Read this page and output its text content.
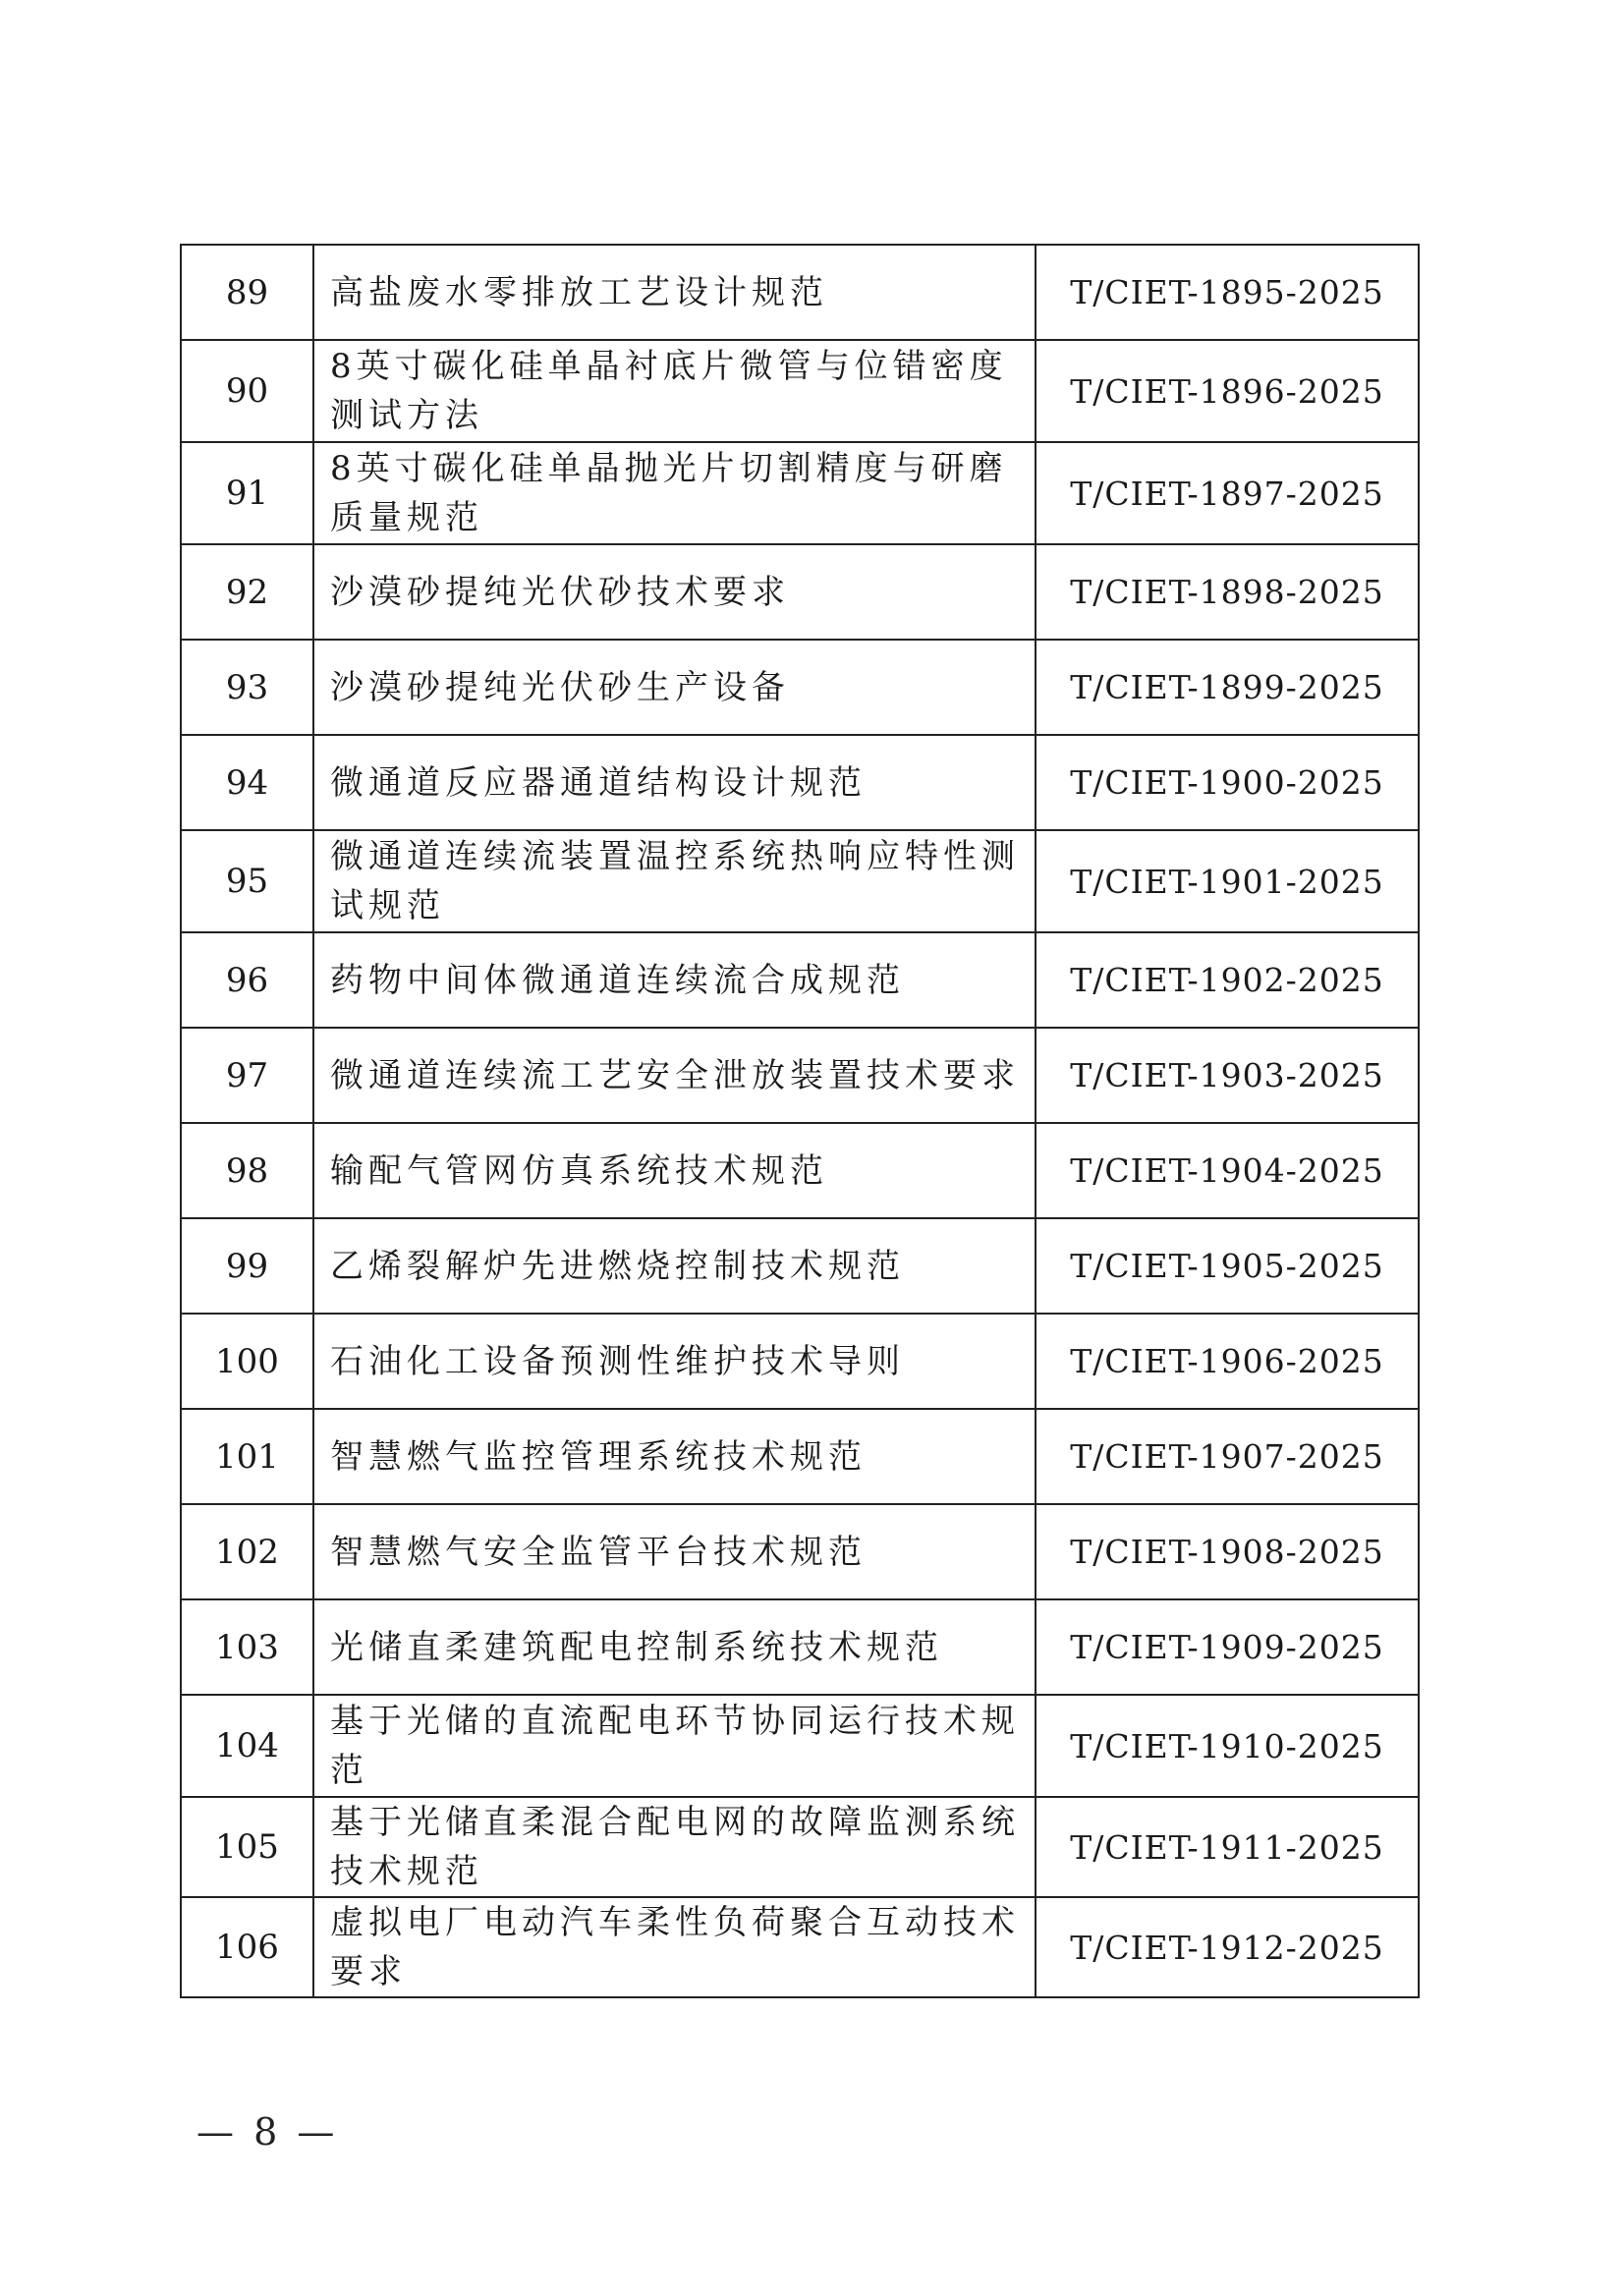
89	高盐废水零排放工艺设计规范	T/CIET-1895-2025
90	8英寸碳化硅单晶衬底片微管与位错密度测试方法	T/CIET-1896-2025
91	8英寸碳化硅单晶抛光片切割精度与研磨质量规范	T/CIET-1897-2025
92	沙漠砂提纯光伏砂技术要求	T/CIET-1898-2025
93	沙漠砂提纯光伏砂生产设备	T/CIET-1899-2025
94	微通道反应器通道结构设计规范	T/CIET-1900-2025
95	微通道连续流装置温控系统热响应特性测试规范	T/CIET-1901-2025
96	药物中间体微通道连续流合成规范	T/CIET-1902-2025
97	微通道连续流工艺安全泄放装置技术要求	T/CIET-1903-2025
98	输配气管网仿真系统技术规范	T/CIET-1904-2025
99	乙烯裂解炉先进燃烧控制技术规范	T/CIET-1905-2025
100	石油化工设备预测性维护技术导则	T/CIET-1906-2025
101	智慧燃气监控管理系统技术规范	T/CIET-1907-2025
102	智慧燃气安全监管平台技术规范	T/CIET-1908-2025
103	光储直柔建筑配电控制系统技术规范	T/CIET-1909-2025
104	基于光储的直流配电环节协同运行技术规范	T/CIET-1910-2025
105	基于光储直柔混合配电网的故障监测系统技术规范	T/CIET-1911-2025
106	虚拟电厂电动汽车柔性负荷聚合互动技术要求	T/CIET-1912-2025
— 8 —
